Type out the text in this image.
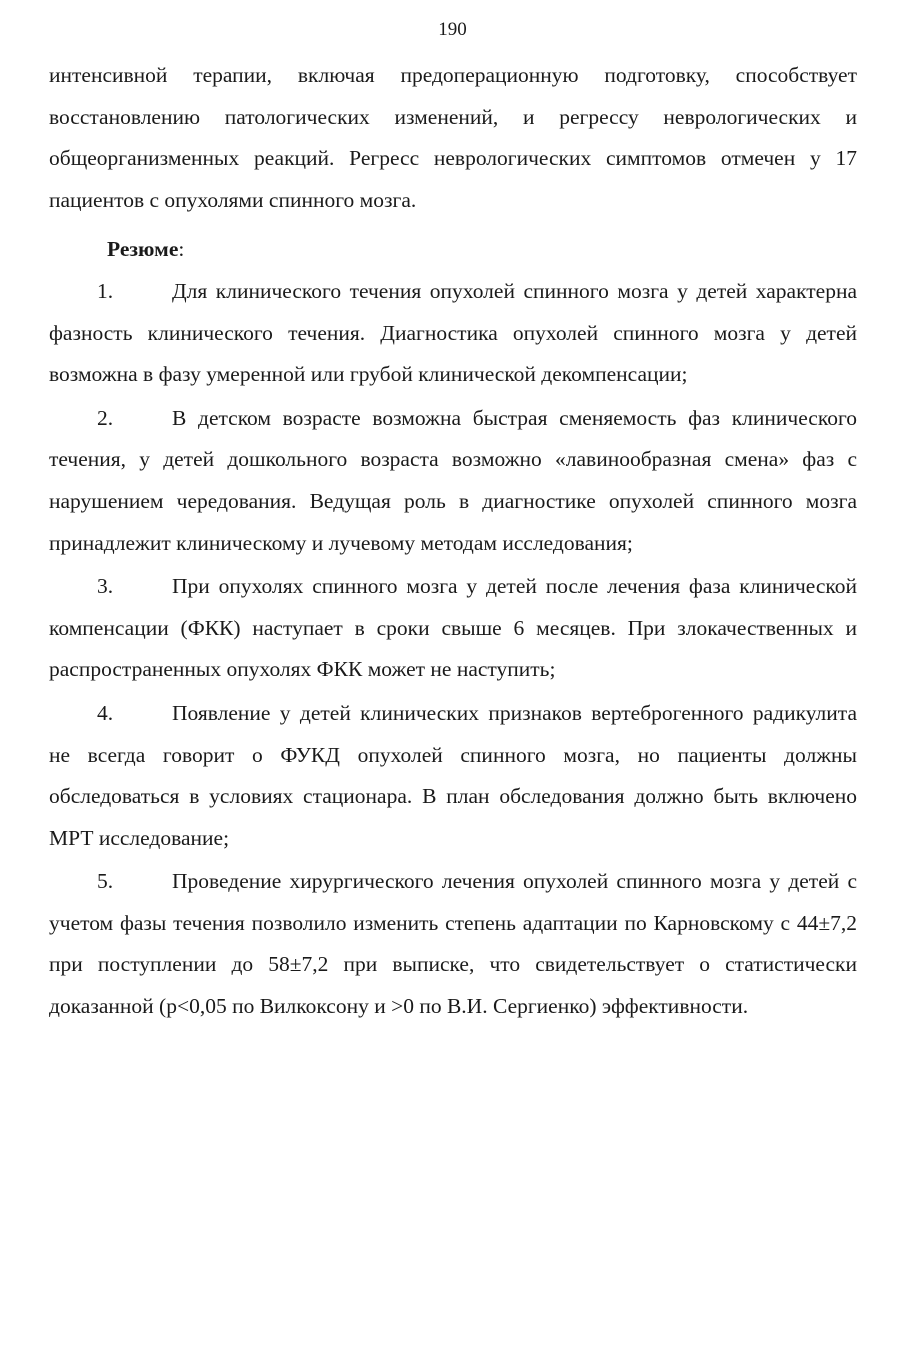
190

интенсивной терапии, включая предоперационную подготовку, способствует восстановлению патологических изменений, и регрессу неврологических и общеорганизменных реакций. Регресс неврологических симптомов отмечен у 17 пациентов с опухолями спинного мозга.

Резюме:

1.	Для клинического течения опухолей спинного мозга у детей характерна фазность клинического течения. Диагностика опухолей спинного мозга у детей возможна в фазу умеренной или грубой клинической декомпенсации;

2.	В детском возрасте возможна быстрая сменяемость фаз клинического течения, у детей дошкольного возраста возможно «лавинообразная смена» фаз с нарушением чередования. Ведущая роль в диагностике опухолей спинного мозга принадлежит клиническому и лучевому методам исследования;

3.	При опухолях спинного мозга у детей после лечения фаза клинической компенсации (ФКК) наступает в сроки свыше 6 месяцев. При злокачественных и распространенных опухолях ФКК может не наступить;

4.	Появление у детей клинических признаков вертеброгенного радикулита не всегда говорит о ФУКД опухолей спинного мозга, но пациенты должны обследоваться в условиях стационара. В план обследования должно быть включено МРТ исследование;

5.	Проведение хирургического лечения опухолей спинного мозга у детей с учетом фазы течения позволило изменить степень адаптации по Карновскому с 44±7,2 при поступлении до 58±7,2 при выписке, что свидетельствует о статистически доказанной (p<0,05 по Вилкоксону и >0 по В.И. Сергиенко) эффективности.
